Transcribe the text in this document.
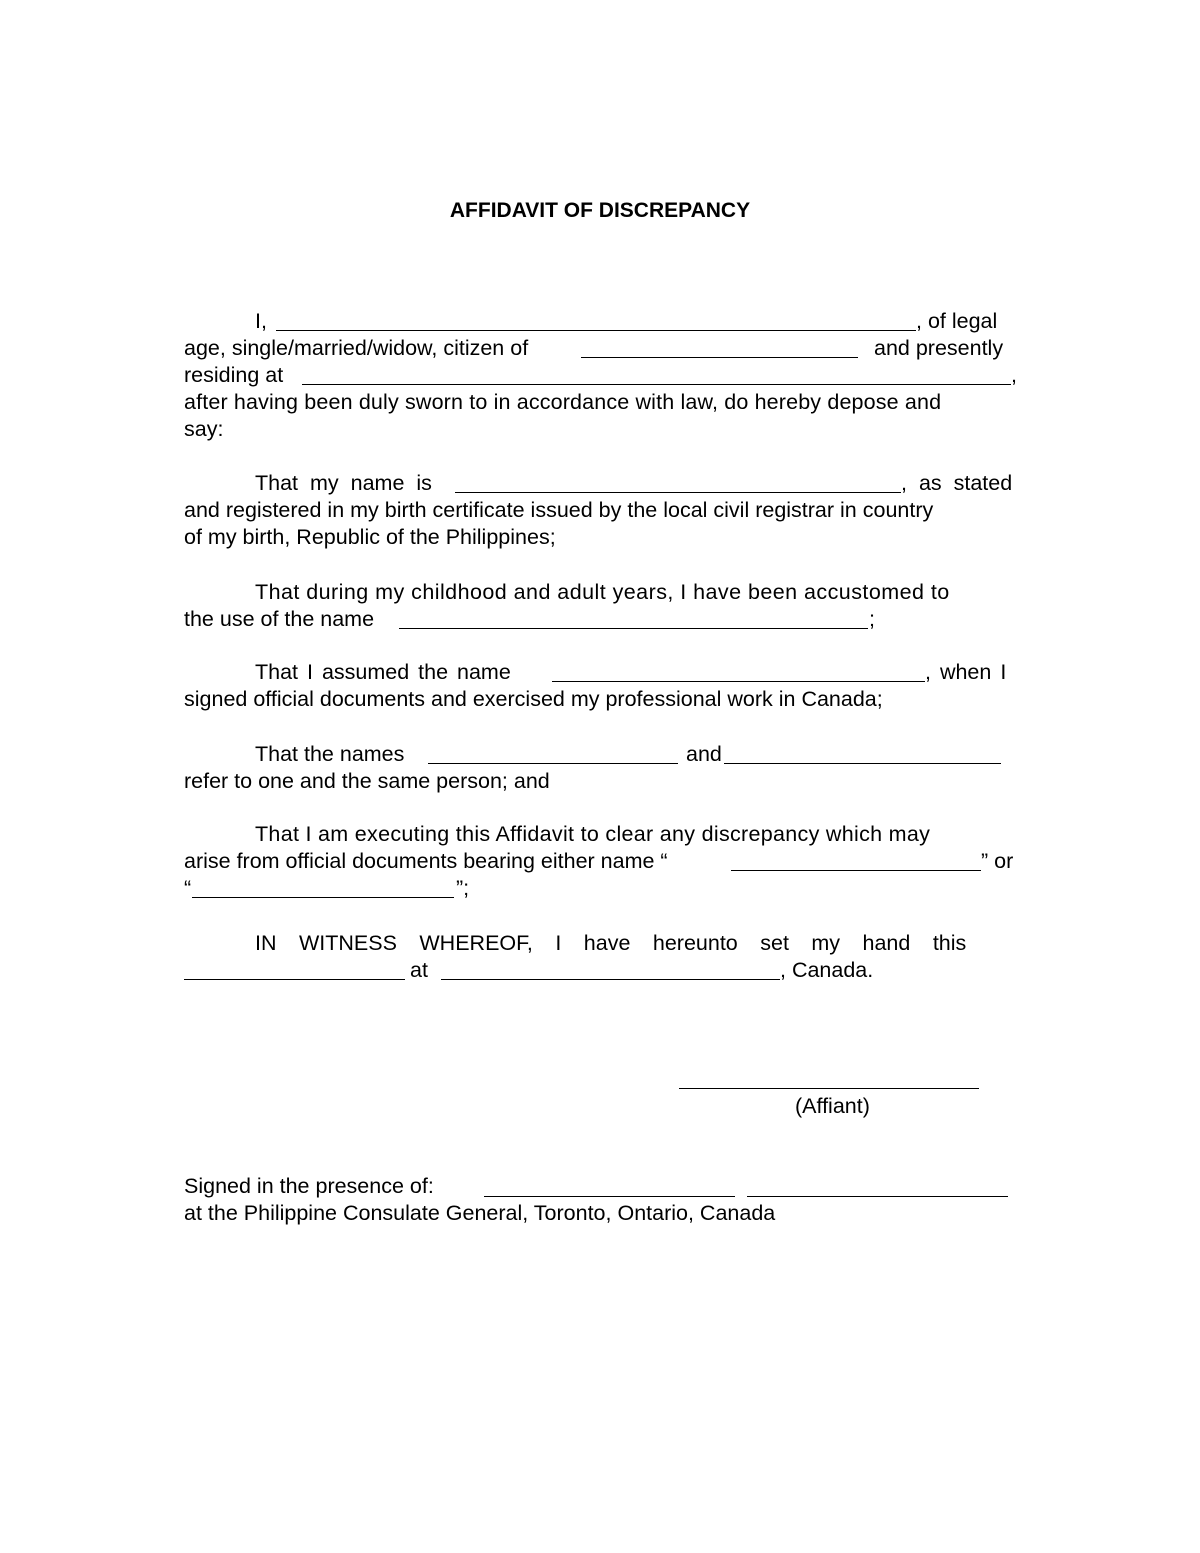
AFFIDAVIT OF DISCREPANCY
I,	, of legal
age, single/married/widow, citizen of	and presently
residing at	,
after having been duly sworn to in accordance with law, do hereby depose and
say:
That my name is	, as stated
and registered in my birth certificate issued by the local civil registrar in country
of my birth, Republic of the Philippines;
That during my childhood and adult years, I have been accustomed to
the use of the name	;
That I assumed the name	, when I
signed official documents and exercised my professional work in Canada;
That the names	and
refer to one and the same person; and
That I am executing this Affidavit to clear any discrepancy which may
arise from official documents bearing either name “	” or
“	”;
IN WITNESS WHEREOF, I have hereunto set my hand this
at	, Canada.
(Affiant)
Signed in the presence of:
at the Philippine Consulate General, Toronto, Ontario, Canada
